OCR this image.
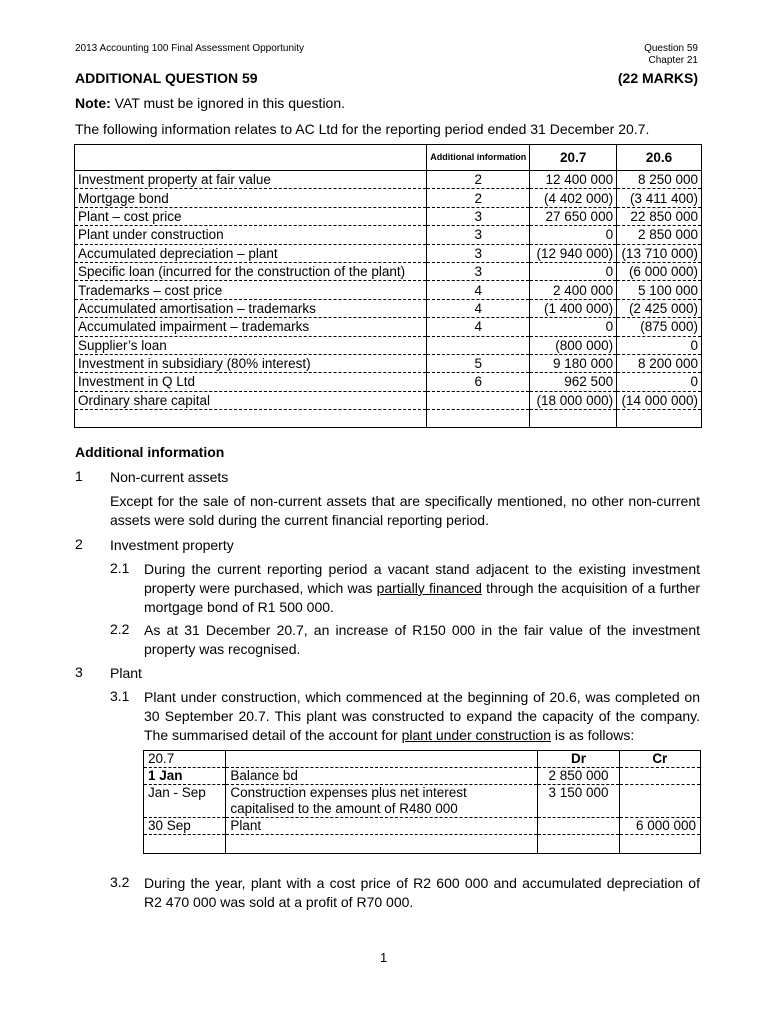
2013 Accounting 100 Final Assessment Opportunity	Question 59
Chapter 21
ADDITIONAL QUESTION 59	(22 MARKS)
Note: VAT must be ignored in this question.
The following information relates to AC Ltd for the reporting period ended 31 December 20.7.
	Additional information	20.7	20.6
Investment property at fair value	2	12 400 000	8 250 000
Mortgage bond	2	(4 402 000)	(3 411 400)
Plant – cost price	3	27 650 000	22 850 000
Plant under construction	3	0	2 850 000
Accumulated depreciation – plant	3	(12 940 000)	(13 710 000)
Specific loan (incurred for the construction of the plant)	3	0	(6 000 000)
Trademarks – cost price	4	2 400 000	5 100 000
Accumulated amortisation – trademarks	4	(1 400 000)	(2 425 000)
Accumulated impairment – trademarks	4	0	(875 000)
Supplier’s loan		(800 000)	0
Investment in subsidiary (80% interest)	5	9 180 000	8 200 000
Investment in Q Ltd	6	962 500	0
Ordinary share capital		(18 000 000)	(14 000 000)

Additional information
1 Non-current assets
Except for the sale of non-current assets that are specifically mentioned, no other non-current assets were sold during the current financial reporting period.
2 Investment property
2.1 During the current reporting period a vacant stand adjacent to the existing investment property were purchased, which was partially financed through the acquisition of a further mortgage bond of R1 500 000.
2.2 As at 31 December 20.7, an increase of R150 000 in the fair value of the investment property was recognised.
3 Plant
3.1 Plant under construction, which commenced at the beginning of 20.6, was completed on 30 September 20.7. This plant was constructed to expand the capacity of the company. The summarised detail of the account for plant under construction is as follows:
20.7		Dr	Cr
1 Jan	Balance bd	2 850 000	
Jan - Sep	Construction expenses plus net interest capitalised to the amount of R480 000	3 150 000	
30 Sep	Plant		6 000 000

3.2 During the year, plant with a cost price of R2 600 000 and accumulated depreciation of R2 470 000 was sold at a profit of R70 000.
1
